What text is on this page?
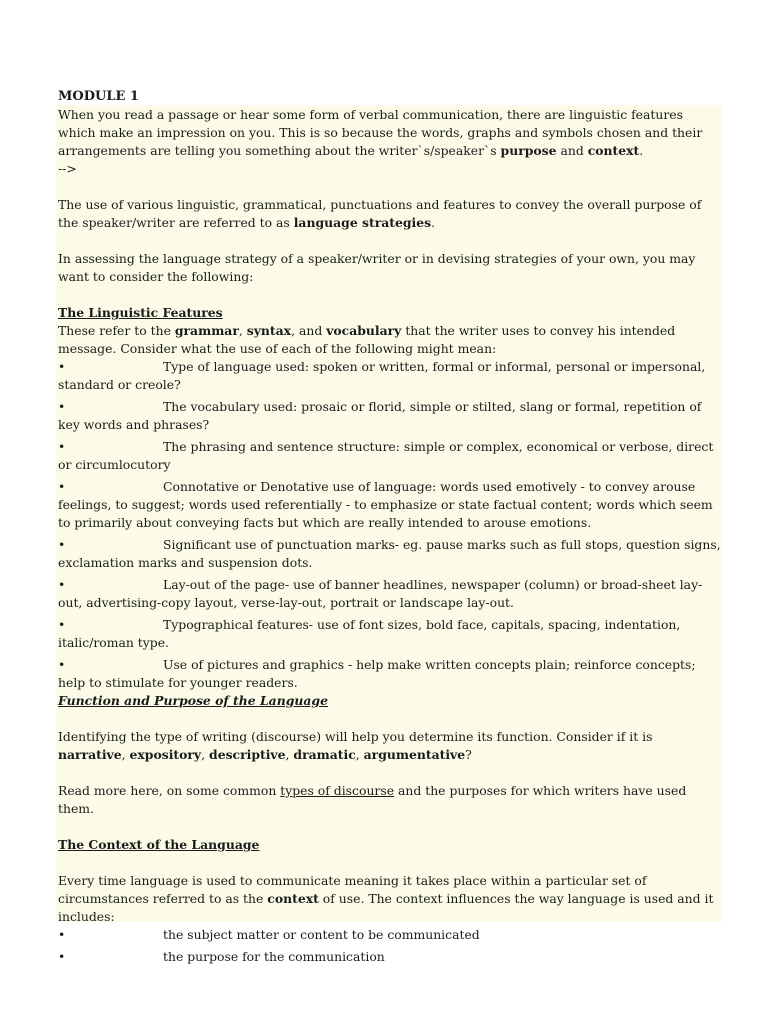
MODULE 1

When you read a passage or hear some form of verbal communication, there are linguistic features which make an impression on you. This is so because the words, graphs and symbols chosen and their arrangements are telling you something about the writer`s/speaker`s purpose and context.

-->

The use of various linguistic, grammatical, punctuations and features to convey the overall purpose of the speaker/writer are referred to as language strategies.

In assessing the language strategy of a speaker/writer or in devising strategies of your own, you may want to consider the following:

The Linguistic Features

These refer to the grammar, syntax, and vocabulary that the writer uses to convey his intended message. Consider what the use of each of the following might mean:

•	Type of language used: spoken or written, formal or informal, personal or impersonal, standard or creole?
•	The vocabulary used: prosaic or florid, simple or stilted, slang or formal, repetition of key words and phrases?
•	The phrasing and sentence structure: simple or complex, economical or verbose, direct or circumlocutory
•	Connotative or Denotative use of language: words used emotively - to convey arouse feelings, to suggest; words used referentially - to emphasize or state factual content; words which seem to primarily about conveying facts but which are really intended to arouse emotions.
•	Significant use of punctuation marks- eg. pause marks such as full stops, question signs, exclamation marks and suspension dots.
•	Lay-out of the page- use of banner headlines, newspaper (column) or broad-sheet lay-out, advertising-copy layout, verse-lay-out, portrait or landscape lay-out.
•	Typographical features- use of font sizes, bold face, capitals, spacing, indentation, italic/roman type.
•	Use of pictures and graphics - help make written concepts plain; reinforce concepts; help to stimulate for younger readers.
Function and Purpose of the Language

Identifying the type of writing (discourse) will help you determine its function. Consider if it is narrative, expository, descriptive, dramatic, argumentative?

Read more here, on some common types of discourse and the purposes for which writers have used them.

The Context of the Language

Every time language is used to communicate meaning it takes place within a particular set of circumstances referred to as the context of use. The context influences the way language is used and it includes:

•	the subject matter or content to be communicated
•	the purpose for the communication
